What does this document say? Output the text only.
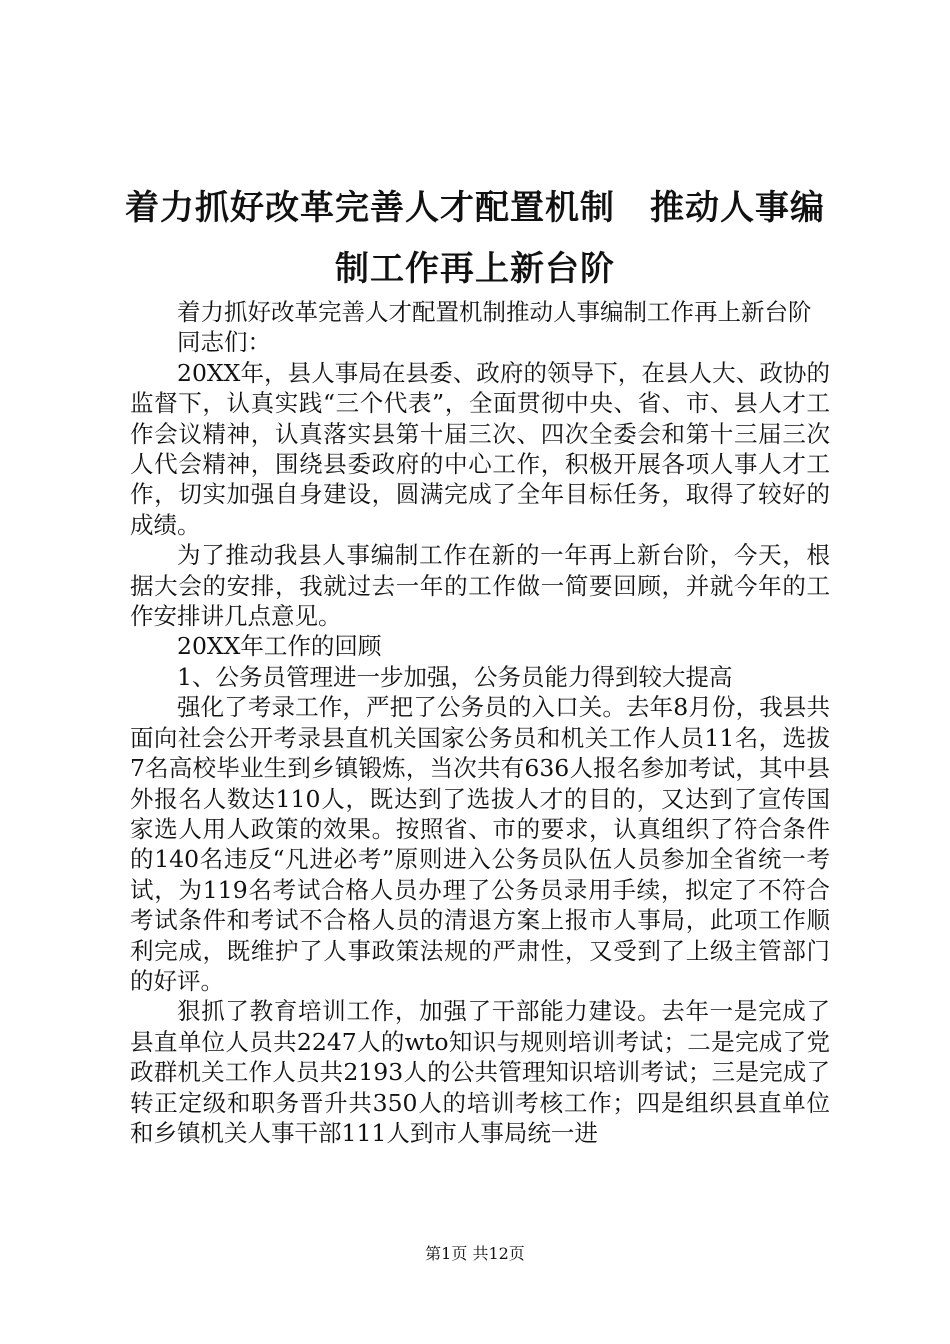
着力抓好改革完善人才配置机制　推动人事编
制工作再上新台阶

着力抓好改革完善人才配置机制推动人事编制工作再上新台阶

同志们：

20XX年，县人事局在县委、政府的领导下，在县人大、政协的监督下，认真实践“三个代表”，全面贯彻中央、省、市、县人才工作会议精神，认真落实县第十届三次、四次全委会和第十三届三次人代会精神，围绕县委政府的中心工作，积极开展各项人事人才工作，切实加强自身建设，圆满完成了全年目标任务，取得了较好的成绩。

为了推动我县人事编制工作在新的一年再上新台阶，今天，根据大会的安排，我就过去一年的工作做一简要回顾，并就今年的工作安排讲几点意见。

20XX年工作的回顾

1、公务员管理进一步加强，公务员能力得到较大提高

强化了考录工作，严把了公务员的入口关。去年8月份，我县共面向社会公开考录县直机关国家公务员和机关工作人员11名，选拔7名高校毕业生到乡镇锻炼，当次共有636人报名参加考试，其中县外报名人数达110人，既达到了选拔人才的目的，又达到了宣传国家选人用人政策的效果。按照省、市的要求，认真组织了符合条件的140名违反“凡进必考”原则进入公务员队伍人员参加全省统一考试，为119名考试合格人员办理了公务员录用手续，拟定了不符合考试条件和考试不合格人员的清退方案上报市人事局，此项工作顺利完成，既维护了人事政策法规的严肃性，又受到了上级主管部门的好评。

狠抓了教育培训工作，加强了干部能力建设。去年一是完成了县直单位人员共2247人的wto知识与规则培训考试；二是完成了党政群机关工作人员共2193人的公共管理知识培训考试；三是完成了转正定级和职务晋升共350人的培训考核工作；四是组织县直单位和乡镇机关人事干部111人到市人事局统一进

第1页 共12页
